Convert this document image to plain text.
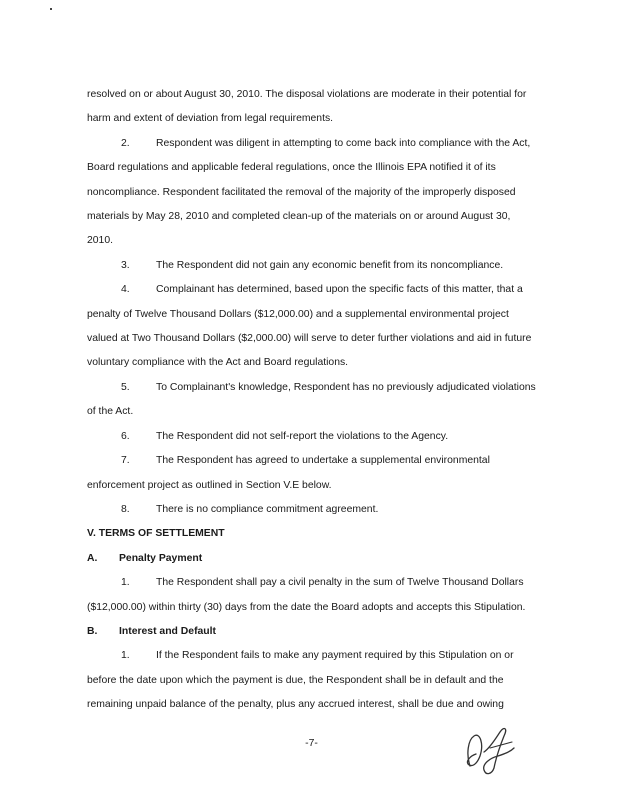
resolved on or about August 30, 2010. The disposal violations are moderate in their potential for harm and extent of deviation from legal requirements.

2.	Respondent was diligent in attempting to come back into compliance with the Act, Board regulations and applicable federal regulations, once the Illinois EPA notified it of its noncompliance. Respondent facilitated the removal of the majority of the improperly disposed materials by May 28, 2010 and completed clean-up of the materials on or around August 30, 2010.

3.	The Respondent did not gain any economic benefit from its noncompliance.

4.	Complainant has determined, based upon the specific facts of this matter, that a penalty of Twelve Thousand Dollars ($12,000.00) and a supplemental environmental project valued at Two Thousand Dollars ($2,000.00) will serve to deter further violations and aid in future voluntary compliance with the Act and Board regulations.

5.	To Complainant's knowledge, Respondent has no previously adjudicated violations of the Act.

6.	The Respondent did not self-report the violations to the Agency.

7.	The Respondent has agreed to undertake a supplemental environmental enforcement project as outlined in Section V.E below.

8.	There is no compliance commitment agreement.

V. TERMS OF SETTLEMENT

A. Penalty Payment

1.	The Respondent shall pay a civil penalty in the sum of Twelve Thousand Dollars ($12,000.00) within thirty (30) days from the date the Board adopts and accepts this Stipulation.

B. Interest and Default

1.	If the Respondent fails to make any payment required by this Stipulation on or before the date upon which the payment is due, the Respondent shall be in default and the remaining unpaid balance of the penalty, plus any accrued interest, shall be due and owing

-7-
